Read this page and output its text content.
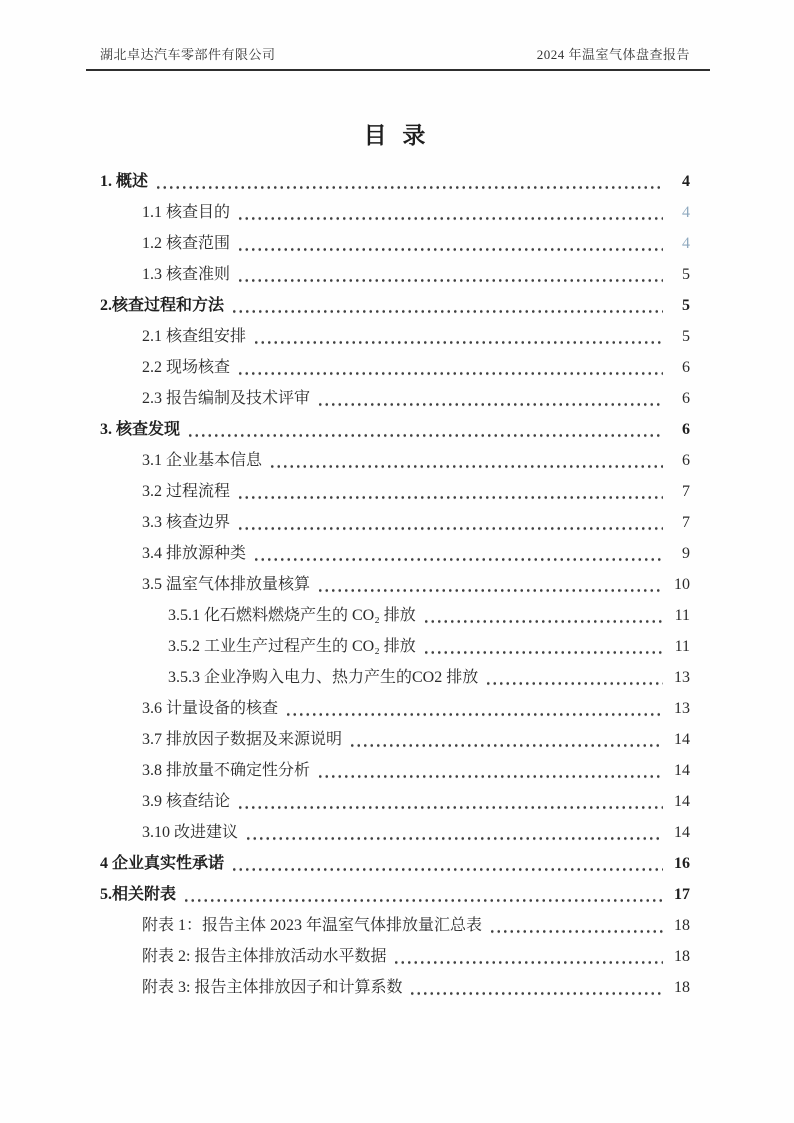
湖北卓达汽车零部件有限公司	2024 年温室气体盘查报告
目 录
1. 概述	4
1.1 核查目的	4
1.2 核查范围	4
1.3 核查准则	5
2.核查过程和方法	5
2.1 核查组安排	5
2.2 现场核查	6
2.3 报告编制及技术评审	6
3. 核查发现	6
3.1 企业基本信息	6
3.2 过程流程	7
3.3 核查边界	7
3.4 排放源种类	9
3.5 温室气体排放量核算	10
3.5.1 化石燃料燃烧产生的 CO₂ 排放	11
3.5.2 工业生产过程产生的 CO₂ 排放	11
3.5.3 企业净购入电力、热力产生的CO2 排放	13
3.6 计量设备的核查	13
3.7 排放因子数据及来源说明	14
3.8 排放量不确定性分析	14
3.9 核查结论	14
3.10 改进建议	14
4 企业真实性承诺	16
5.相关附表	17
附表 1：报告主体 2023 年温室气体排放量汇总表	18
附表 2: 报告主体排放活动水平数据	18
附表 3: 报告主体排放因子和计算系数	18
